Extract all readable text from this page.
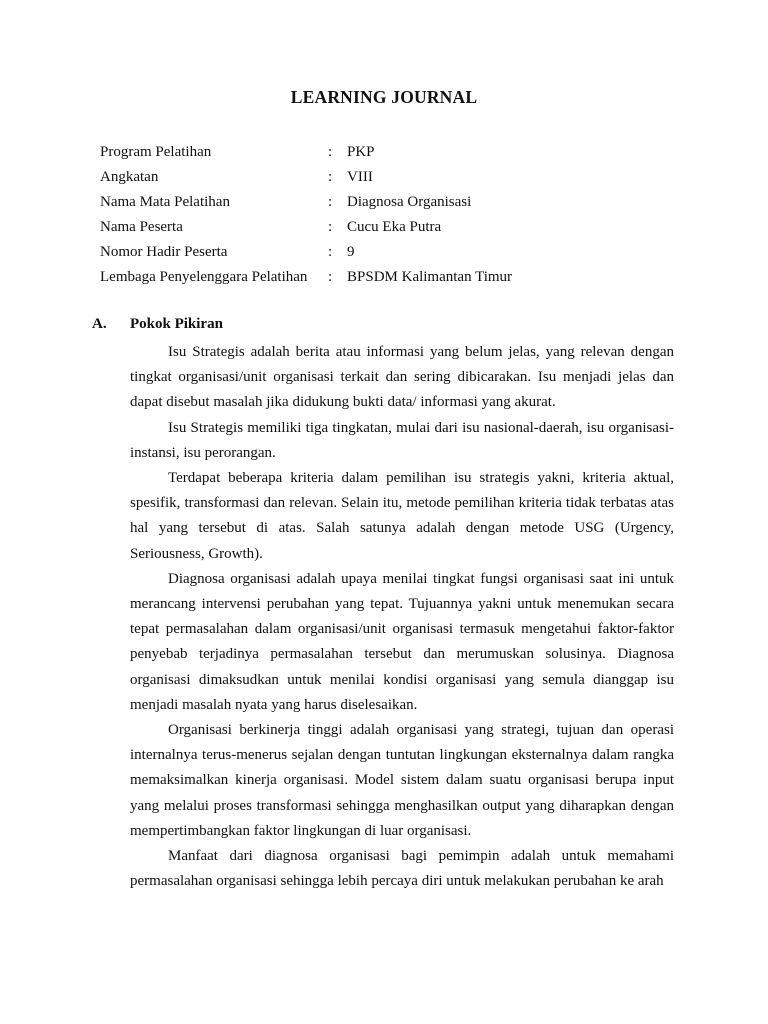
LEARNING JOURNAL
Program Pelatihan	:	PKP
Angkatan	:	VIII
Nama Mata Pelatihan	:	Diagnosa Organisasi
Nama Peserta	:	Cucu Eka Putra
Nomor Hadir Peserta	:	9
Lembaga Penyelenggara Pelatihan	:	BPSDM Kalimantan Timur
A. Pokok Pikiran

Isu Strategis adalah berita atau informasi yang belum jelas, yang relevan dengan tingkat organisasi/unit organisasi terkait dan sering dibicarakan. Isu menjadi jelas dan dapat disebut masalah jika didukung bukti data/ informasi yang akurat.

Isu Strategis memiliki tiga tingkatan, mulai dari isu nasional-daerah, isu organisasi-instansi, isu perorangan.

Terdapat beberapa kriteria dalam pemilihan isu strategis yakni, kriteria aktual, spesifik, transformasi dan relevan. Selain itu, metode pemilihan kriteria tidak terbatas atas hal yang tersebut di atas. Salah satunya adalah dengan metode USG (Urgency, Seriousness, Growth).

Diagnosa organisasi adalah upaya menilai tingkat fungsi organisasi saat ini untuk merancang intervensi perubahan yang tepat. Tujuannya yakni untuk menemukan secara tepat permasalahan dalam organisasi/unit organisasi termasuk mengetahui faktor-faktor penyebab terjadinya permasalahan tersebut dan merumuskan solusinya. Diagnosa organisasi dimaksudkan untuk menilai kondisi organisasi yang semula dianggap isu menjadi masalah nyata yang harus diselesaikan.

Organisasi berkinerja tinggi adalah organisasi yang strategi, tujuan dan operasi internalnya terus-menerus sejalan dengan tuntutan lingkungan eksternalnya dalam rangka memaksimalkan kinerja organisasi. Model sistem dalam suatu organisasi berupa input yang melalui proses transformasi sehingga menghasilkan output yang diharapkan dengan mempertimbangkan faktor lingkungan di luar organisasi.

Manfaat dari diagnosa organisasi bagi pemimpin adalah untuk memahami permasalahan organisasi sehingga lebih percaya diri untuk melakukan perubahan ke arah
